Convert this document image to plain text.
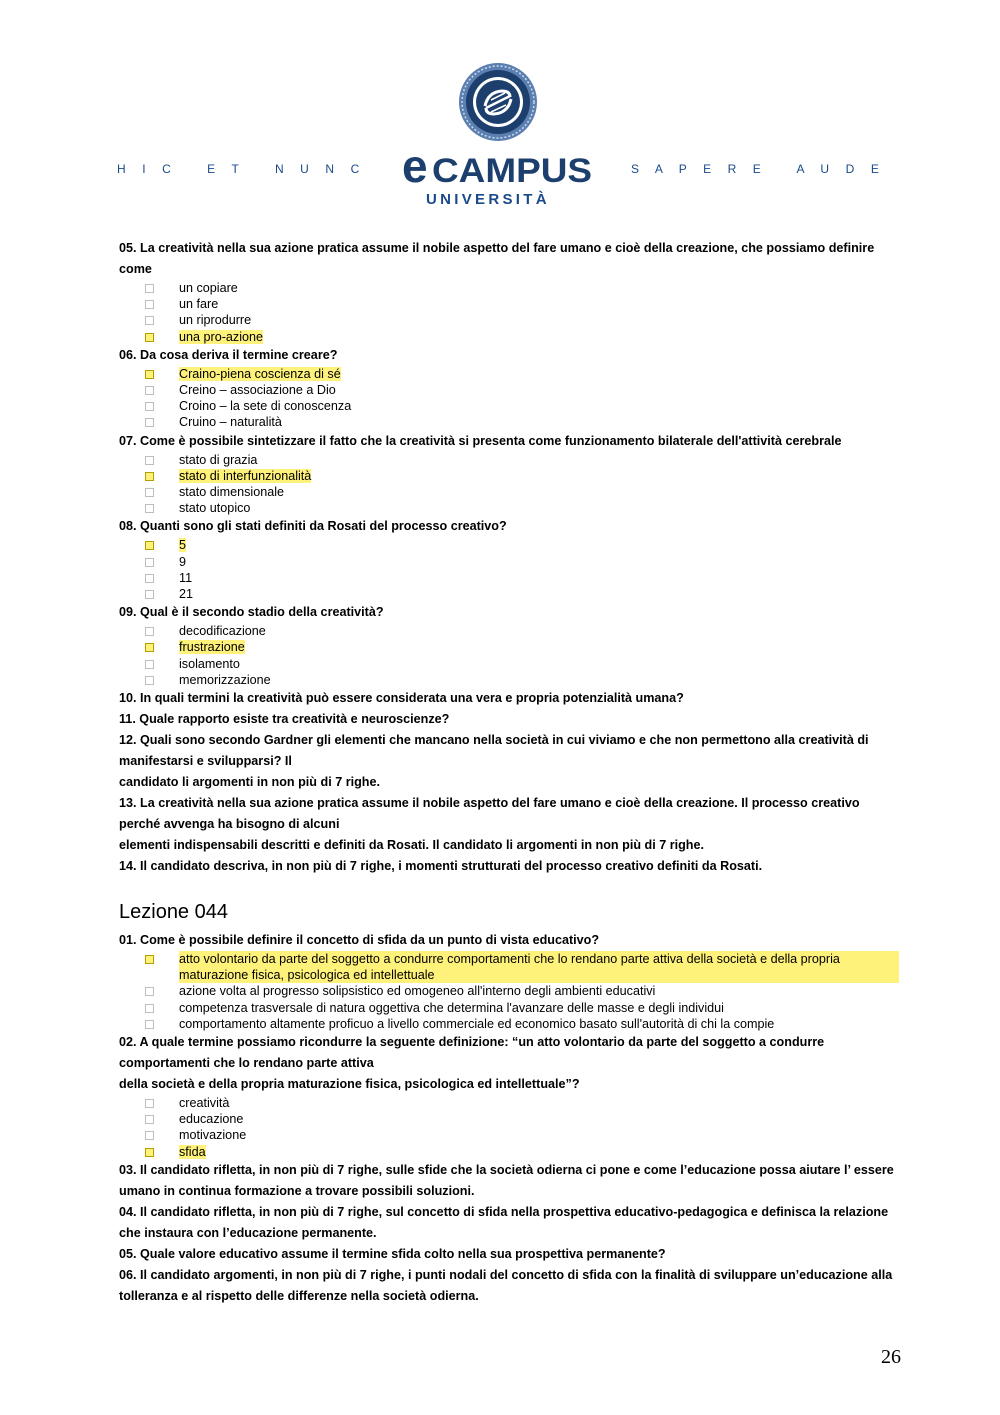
H I C   E T   N U N C	S A P E R E   A U D E
e CAMPUS
UNIVERSITÀ

05. La creatività nella sua azione pratica assume il nobile aspetto del fare umano e cioè della creazione, che possiamo definire come

un copiare
un fare
un riprodurre
una pro-azione

06. Da cosa deriva il termine creare?

Craino-piena coscienza di sé
Creino – associazione a Dio
Croino – la sete di conoscenza
Cruino – naturalità

07. Come è possibile sintetizzare il fatto che la creatività si presenta come funzionamento bilaterale dell'attività cerebrale

stato di grazia
stato di interfunzionalità
stato dimensionale
stato utopico

08. Quanti sono gli stati definiti da Rosati del processo creativo?

5
9
11
21

09. Qual è il secondo stadio della creatività?

decodificazione
frustrazione
isolamento
memorizzazione

10. In quali termini la creatività può essere considerata una vera e propria potenzialità umana?

11. Quale rapporto esiste tra creatività e neuroscienze?

12. Quali sono secondo Gardner gli elementi che mancano nella società in cui viviamo e che non permettono alla creatività di manifestarsi e svilupparsi? Il

candidato li argomenti in non più di 7 righe.

13. La creatività nella sua azione pratica assume il nobile aspetto del fare umano e cioè della creazione. Il processo creativo perché avvenga ha bisogno di alcuni

elementi indispensabili descritti e definiti da Rosati. Il candidato li argomenti in non più di 7 righe.

14. Il candidato descriva, in non più di 7 righe, i momenti strutturati del processo creativo definiti da Rosati.

Lezione 044

01. Come è possibile definire il concetto di sfida da un punto di vista educativo?

atto volontario da parte del soggetto a condurre comportamenti che lo rendano parte attiva della società e della propria maturazione fisica, psicologica ed intellettuale
azione volta al progresso solipsistico ed omogeneo all'interno degli ambienti educativi
competenza trasversale di natura oggettiva che determina l'avanzare delle masse e degli individui
comportamento altamente proficuo a livello commerciale ed economico basato sull'autorità di chi la compie

02. A quale termine possiamo ricondurre la seguente definizione: “un atto volontario da parte del soggetto a condurre comportamenti che lo rendano parte attiva

della società e della propria maturazione fisica, psicologica ed intellettuale”?

creatività
educazione
motivazione
sfida

03. Il candidato rifletta, in non più di 7 righe, sulle sfide che la società odierna ci pone e come l’educazione possa aiutare l’ essere umano in continua formazione a trovare possibili soluzioni.

04. Il candidato rifletta, in non più di 7 righe, sul concetto di sfida nella prospettiva educativo-pedagogica e definisca la relazione che instaura con l’educazione permanente.

05. Quale valore educativo assume il termine sfida colto nella sua prospettiva permanente?

06. Il candidato argomenti, in non più di 7 righe, i punti nodali del concetto di sfida con la finalità di sviluppare un’educazione alla tolleranza e al rispetto delle differenze nella società odierna.

26
